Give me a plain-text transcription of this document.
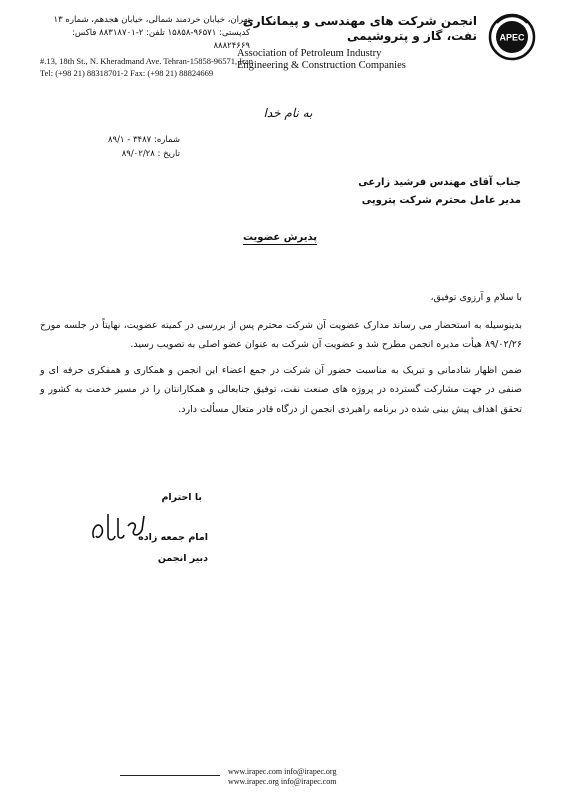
APEC
انجمن شرکت های مهندسی و پیمانکاری
نفت، گاز و پتروشیمی
Association of Petroleum Industry
Engineering & Construction Companies
تهران، خیابان خردمند شمالی، خیابان هجدهم، شماره ۱۳
کدپستی: ۹۶۵۷۱-۱۵۸۵۸ تلفن: ۲-۸۸۳۱۸۷۰۱ فاکس: ۸۸۸۲۴۶۶۹
#.13, 18th St., N. Kheradmand Ave. Tehran-15858-96571, Iran
Tel: (+98 21) 88318701-2 Fax: (+98 21) 88824669
به نام خدا
شماره: ۳۴۸۷ - ۸۹/۱
تاریخ : ۸۹/۰۲/۲۸
جناب آقای مهندس فرشید زارعی
مدیر عامل محترم شرکت پتروپی
پذیرش عضویت

با سلام و آرزوی توفیق،

بدینوسیله به استحضار می رساند مدارک عضویت آن شرکت محترم پس از بررسی در کمیته عضویت، نهایتاً در جلسه مورخ ۸۹/۰۲/۲۶ هیأت مدیره انجمن مطرح شد و عضویت آن شرکت به عنوان عضو اصلی به تصویب رسید.

ضمن اظهار شادمانی و تبریک به مناسبت حضور آن شرکت در جمع اعضاء این انجمن و همکاری و همفکری حرفه ای و صنفی در جهت مشارکت گسترده در پروژه های صنعت نفت، توفیق جنابعالی و همکارانتان را در مسیر خدمت به کشور و تحقق اهداف پیش بینی شده در برنامه راهبردی انجمن از درگاه قادر متعال مسألت دارد.

با احترام
امام جمعه زاده
دبیر انجمن
www.irapec.com info@irapec.org
www.irapec.org info@irapec.com
